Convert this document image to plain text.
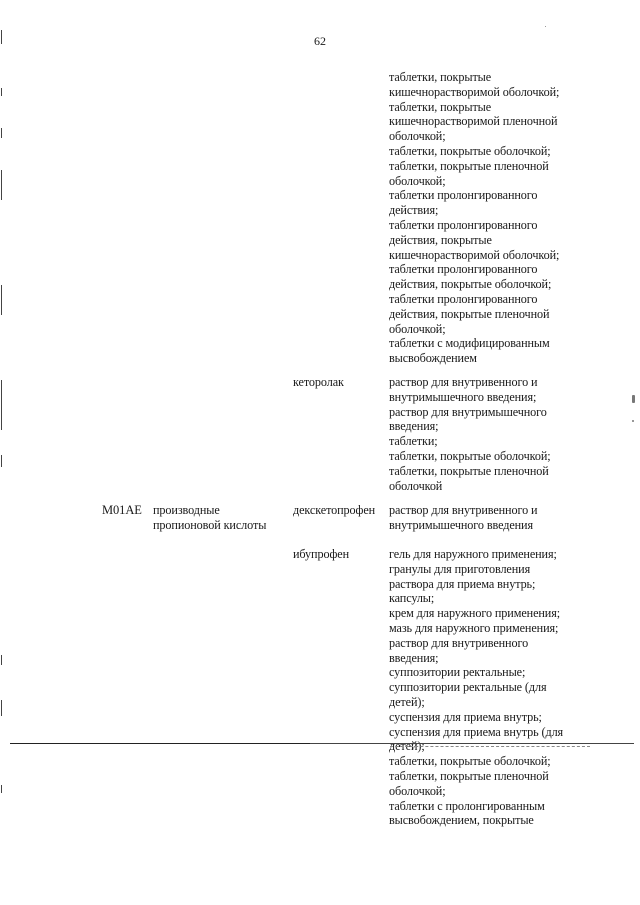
62
таблетки, покрытые
кишечнорастворимой оболочкой;
таблетки, покрытые
кишечнорастворимой пленочной
оболочкой;
таблетки, покрытые оболочкой;
таблетки, покрытые пленочной
оболочкой;
таблетки пролонгированного
действия;
таблетки пролонгированного
действия, покрытые
кишечнорастворимой оболочкой;
таблетки пролонгированного
действия, покрытые оболочкой;
таблетки пролонгированного
действия, покрытые пленочной
оболочкой;
таблетки с модифицированным
высвобождением
кеторолак	раствор для внутривенного и
внутримышечного введения;
раствор для внутримышечного
введения;
таблетки;
таблетки, покрытые оболочкой;
таблетки, покрытые пленочной
оболочкой
M01AE производные
пропионовой кислоты
декскетопрофен раствор для внутривенного и
внутримышечного введения
ибупрофен	гель для наружного применения;
гранулы для приготовления
раствора для приема внутрь;
капсулы;
крем для наружного применения;
мазь для наружного применения;
раствор для внутривенного
введения;
суппозитории ректальные;
суппозитории ректальные (для
детей);
суспензия для приема внутрь;
суспензия для приема внутрь (для
детей);
таблетки, покрытые оболочкой;
таблетки, покрытые пленочной
оболочкой;
таблетки с пролонгированным
высвобождением, покрытые
